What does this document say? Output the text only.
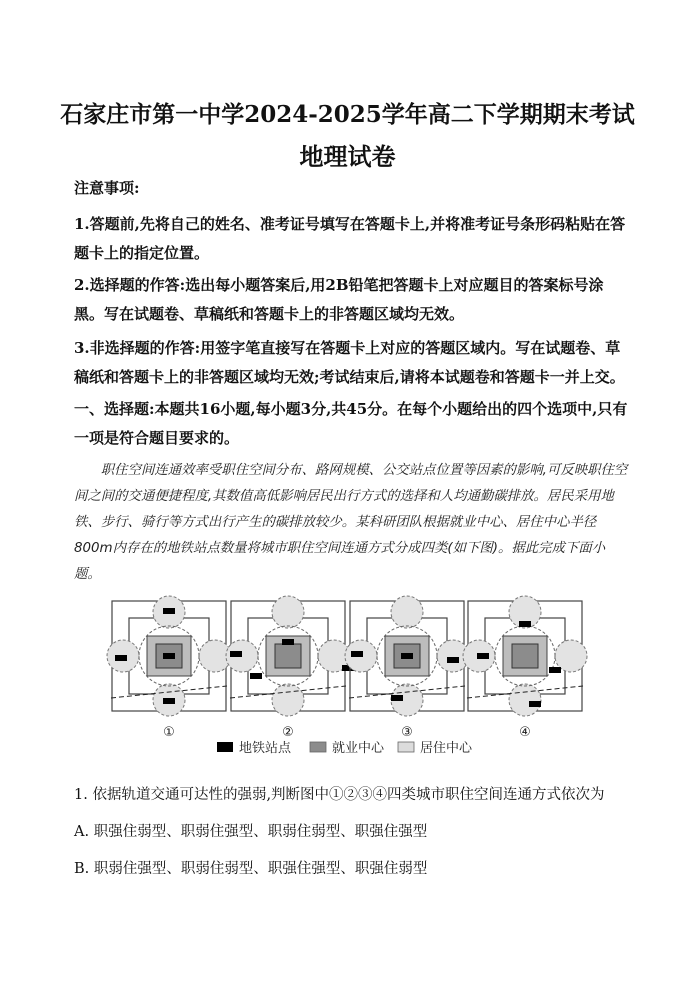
石家庄市第一中学2024-2025学年高二下学期期末考试
地理试卷
注意事项:
1.答题前,先将自己的姓名、准考证号填写在答题卡上,并将准考证号条形码粘贴在答题卡上的指定位置。
2.选择题的作答:选出每小题答案后,用2B铅笔把答题卡上对应题目的答案标号涂黑。写在试题卷、草稿纸和答题卡上的非答题区域均无效。
3.非选择题的作答:用签字笔直接写在答题卡上对应的答题区域内。写在试题卷、草稿纸和答题卡上的非答题区域均无效;考试结束后,请将本试题卷和答题卡一并上交。
一、选择题:本题共16小题,每小题3分,共45分。在每个小题给出的四个选项中,只有一项是符合题目要求的。
职住空间连通效率受职住空间分布、路网规模、公交站点位置等因素的影响,可反映职住空间之间的交通便捷程度,其数值高低影响居民出行方式的选择和人均通勤碳排放。居民采用地铁、步行、骑行等方式出行产生的碳排放较少。某科研团队根据就业中心、居住中心半径800m内存在的地铁站点数量将城市职住空间连通方式分成四类(如下图)。据此完成下面小题。
①	②	③	④
地铁站点	就业中心	居住中心
1. 依据轨道交通可达性的强弱,判断图中①②③④四类城市职住空间连通方式依次为
A. 职强住弱型、职弱住强型、职弱住弱型、职强住强型
B. 职弱住强型、职弱住弱型、职强住强型、职强住弱型
